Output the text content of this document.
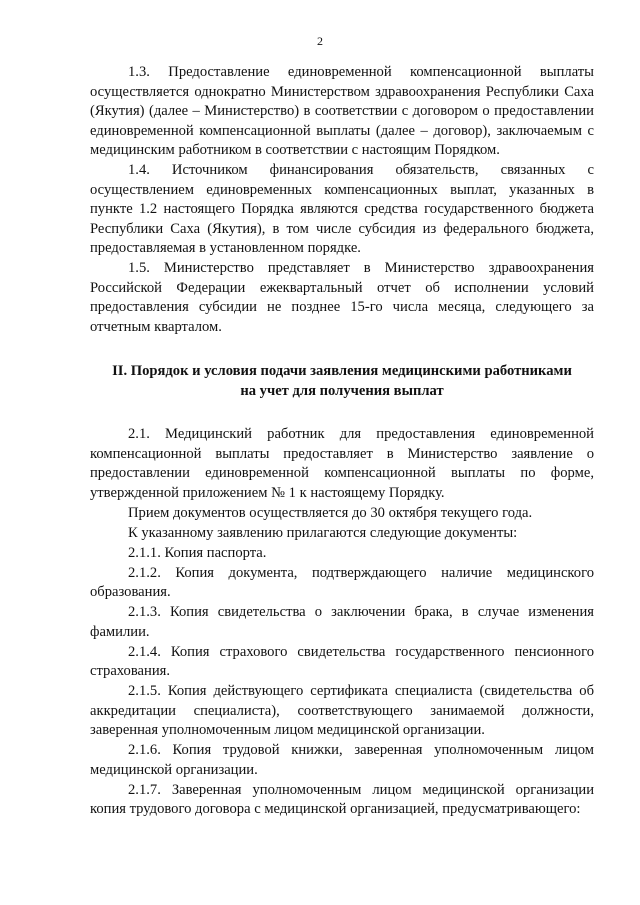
2

1.3. Предоставление единовременной компенсационной выплаты осуществляется однократно Министерством здравоохранения Республики Саха (Якутия) (далее – Министерство) в соответствии с договором о предоставлении единовременной компенсационной выплаты (далее – договор), заключаемым с медицинским работником в соответствии с настоящим Порядком.

1.4. Источником финансирования обязательств, связанных с осуществлением единовременных компенсационных выплат, указанных в пункте 1.2 настоящего Порядка являются средства государственного бюджета Республики Саха (Якутия), в том числе субсидия из федерального бюджета, предоставляемая в установленном порядке.

1.5. Министерство представляет в Министерство здравоохранения Российской Федерации ежеквартальный отчет об исполнении условий предоставления субсидии не позднее 15-го числа месяца, следующего за отчетным кварталом.

II. Порядок и условия подачи заявления медицинскими работниками
на учет для получения выплат

2.1. Медицинский работник для предоставления единовременной компенсационной выплаты предоставляет в Министерство заявление о предоставлении единовременной компенсационной выплаты по форме, утвержденной приложением № 1 к настоящему Порядку.

Прием документов осуществляется до 30 октября текущего года.

К указанному заявлению прилагаются следующие документы:

2.1.1. Копия паспорта.

2.1.2. Копия документа, подтверждающего наличие медицинского образования.

2.1.3. Копия свидетельства о заключении брака, в случае изменения фамилии.

2.1.4. Копия страхового свидетельства государственного пенсионного страхования.

2.1.5. Копия действующего сертификата специалиста (свидетельства об аккредитации специалиста), соответствующего занимаемой должности, заверенная уполномоченным лицом медицинской организации.

2.1.6. Копия трудовой книжки, заверенная уполномоченным лицом медицинской организации.

2.1.7. Заверенная уполномоченным лицом медицинской организации копия трудового договора с медицинской организацией, предусматривающего:
